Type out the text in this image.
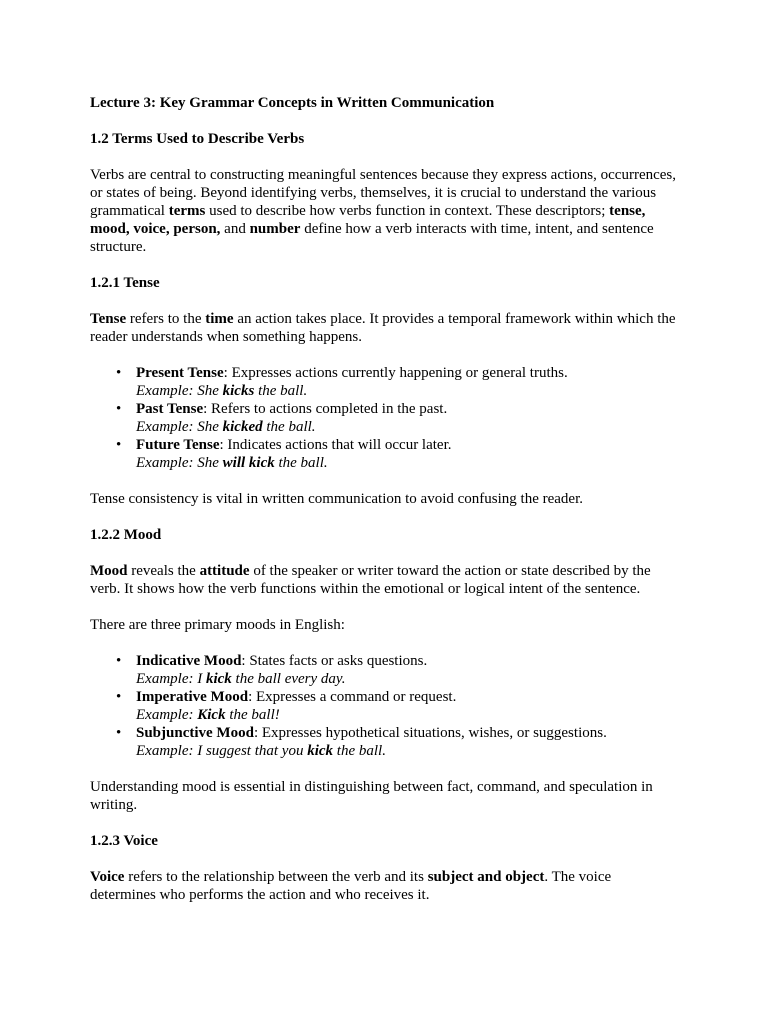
Lecture 3: Key Grammar Concepts in Written Communication

1.2 Terms Used to Describe Verbs

Verbs are central to constructing meaningful sentences because they express actions, occurrences, or states of being. Beyond identifying verbs, themselves, it is crucial to understand the various grammatical terms used to describe how verbs function in context. These descriptors; tense, mood, voice, person, and number define how a verb interacts with time, intent, and sentence structure.

1.2.1 Tense

Tense refers to the time an action takes place. It provides a temporal framework within which the reader understands when something happens.

• Present Tense: Expresses actions currently happening or general truths.
Example: She kicks the ball.
• Past Tense: Refers to actions completed in the past.
Example: She kicked the ball.
• Future Tense: Indicates actions that will occur later.
Example: She will kick the ball.

Tense consistency is vital in written communication to avoid confusing the reader.

1.2.2 Mood

Mood reveals the attitude of the speaker or writer toward the action or state described by the verb. It shows how the verb functions within the emotional or logical intent of the sentence.

There are three primary moods in English:

• Indicative Mood: States facts or asks questions.
Example: I kick the ball every day.
• Imperative Mood: Expresses a command or request.
Example: Kick the ball!
• Subjunctive Mood: Expresses hypothetical situations, wishes, or suggestions.
Example: I suggest that you kick the ball.

Understanding mood is essential in distinguishing between fact, command, and speculation in writing.

1.2.3 Voice

Voice refers to the relationship between the verb and its subject and object. The voice determines who performs the action and who receives it.
